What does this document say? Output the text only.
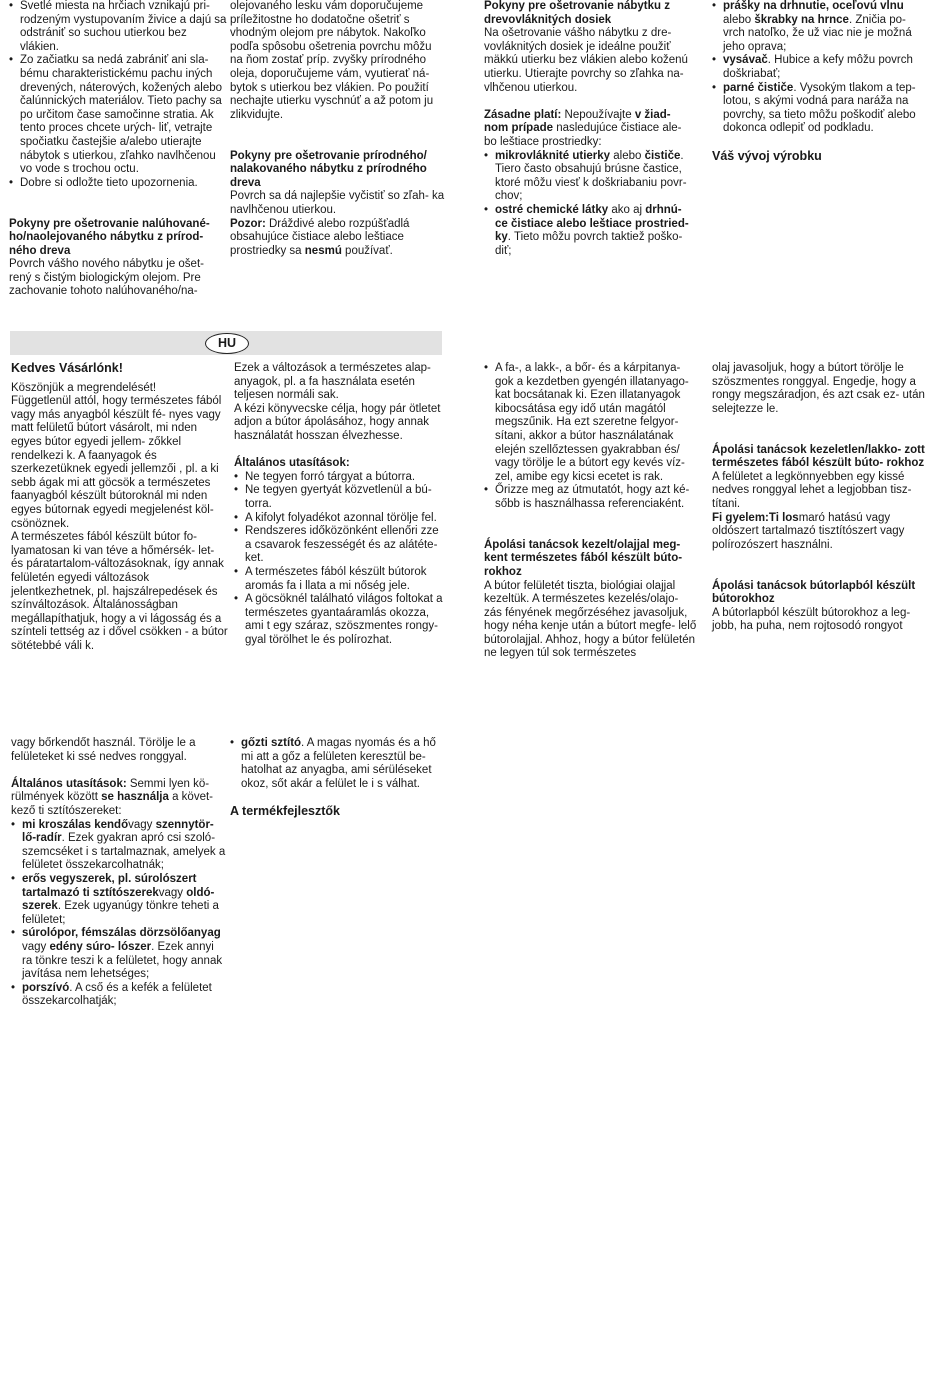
• Svetlé miesta na hrčiach vznikajú pri- rodzeným vystupovaním živice a dajú sa odstrániť so suchou utierkou bez vlákien.
• Zo začiatku sa nedá zabrániť ani sla- bému charakteristickému pachu iných drevených, náterových, kožených alebo čalúnnických materiálov. Tieto pachy sa po určitom čase samočinne stratia. Ak tento proces chcete urých- liť, vetrajte spočiatku častejšie a/alebo utierajte nábytok s utierkou, zľahko navlhčenou vo vode s trochou octu.
• Dobre si odložte tieto upozornenia.

Pokyny pre ošetrovanie nalúhované- ho/naolejovaného nábytku z prírod- ného dreva

Povrch vášho nového nábytku je ošet- rený s čistým biologickým olejom. Pre zachovanie tohoto nalúhovaného/na-

olejovaného lesku vám doporučujeme príležitostne ho dodatočne ošetriť s vhodným olejom pre nábytok. Nakoľko podľa spôsobu ošetrenia povrchu môžu na ňom zostať príp. zvyšky prírodného oleja, doporučujeme vám, vyutierať ná- bytok s utierkou bez vlákien. Po použití nechajte utierku vyschnúť a až potom ju zlikvidujte.

Pokyny pre ošetrovanie prírodného/ nalakovaného nábytku z prírodného dreva

Povrch sa dá najlepšie vyčistiť so zľah- ka navlhčenou utierkou.

Pozor: Dráždivé alebo rozpúšťadlá obsahujúce čistiace alebo leštiace prostriedky sa nesmú používať.

Pokyny pre ošetrovanie nábytku z drevovláknitých dosiek

Na ošetrovanie vášho nábytku z dre- vovláknitých dosiek je ideálne použiť mäkkú utierku bez vlákien alebo koženú utierku. Utierajte povrchy so zľahka na- vlhčenou utierkou.

Zásadne platí: Nepoužívajte v žiad- nom prípade nasledujúce čistiace ale- bo leštiace prostriedky:

• mikrovláknité utierky alebo čističe. Tiero často obsahujú brúsne častice, ktoré môžu viesť k doškriabaniu povr- chov;
• ostré chemické látky ako aj drhnú- ce čistiace alebo leštiace prostried- ky. Tieto môžu povrch taktiež poško- diť;
• prášky na drhnutie, oceľovú vlnu alebo škrabky na hrnce. Zničia po- vrch natoľko, že už viac nie je možná jeho oprava;
• vysávač. Hubice a kefy môžu povrch doškriabať;
• parné čističe. Vysokým tlakom a tep- lotou, s akými vodná para naráža na povrchy, sa tieto môžu poškodiť alebo dokonca odlepiť od podkladu.

Váš vývoj výrobku

HU

Kedves Vásárlónk!

Köszönjük a megrendelését!

Függetlenül attól, hogy természetes fából vagy más anyagból készült fé- nyes vagy matt felületű bútort vásárolt, mi nden egyes bútor egyedi jellem- zőkkel rendelkezi k. A faanyagok és szerkezetüknek egyedi jellemzői , pl. a ki sebb ágak mi att göcsök a természetes faanyagból készült bútoroknál mi nden egyes bútornak egyedi megjelenést köl- csönöznek.

A természetes fából készült bútor fo- lyamatosan ki van téve a hőmérsék- let- és páratartalom-változásoknak, így annak felületén egyedi változások jelentkezhetnek, pl. hajszálrepedések és színváltozások. Általánosságban megállapíthatjuk, hogy a vi lágosság és a színteli tettség az i dővel csökken - a bútor sötétebbé váli k.

Ezek a változások a természetes alap- anyagok, pl. a fa használata esetén teljesen normáli sak.

A kézi könyvecske célja, hogy pár ötletet adjon a bútor ápolásához, hogy annak használatát hosszan élvezhesse.

Általános utasítások:

• Ne tegyen forró tárgyat a bútorra.
• Ne tegyen gyertyát közvetlenül a bú- torra.
• A kifolyt folyadékot azonnal törölje fel.
• Rendszeres időközönként ellenőri zze a csavarok feszességét és az alátéte- ket.
• A természetes fából készült bútorok aromás fa i llata a mi nőség jele.
• A göcsöknél található világos foltokat a természetes gyantaáramlás okozza, ami t egy száraz, szöszmentes rongy- gyal törölhet le és polírozhat.
• A fa-, a lakk-, a bőr- és a kárpitanya- gok a kezdetben gyengén illatanyago- kat bocsátanak ki. Ezen illatanyagok kibocsátása egy idő után magától megszűnik. Ha ezt szeretne felgyor- sítani, akkor a bútor használatának elején szellőztessen gyakrabban és/ vagy törölje le a bútort egy kevés víz- zel, amibe egy kicsi ecetet is rak.
• Őrizze meg az útmutatót, hogy azt ké- sőbb is használhassa referenciaként.

Ápolási tanácsok kezelt/olajjal meg- kent természetes fából készült búto- rokhoz

A bútor felületét tiszta, biológiai olajjal kezeltük. A természetes kezelés/olajo- zás fényének megőrzéséhez javasoljuk, hogy néha kenje után a bútort megfe- lelő bútorolajjal. Ahhoz, hogy a bútor felületén ne legyen túl sok természetes

olaj javasoljuk, hogy a bútort törölje le szöszmentes ronggyal. Engedje, hogy a rongy megszáradjon, és azt csak ez- után selejtezze le.

Ápolási tanácsok kezeletlen/lakko- zott természetes fából készült búto- rokhoz

A felületet a legkönnyebben egy kissé nedves ronggyal lehet a legjobban tisz- títani.

Fi gyelem:Ti losmaró hatású vagy oldószert tartalmazó tisztítószert vagy polírozószert használni.

Ápolási tanácsok bútorlapból készült bútorokhoz

A bútorlapból készült bútorokhoz a leg- jobb, ha puha, nem rojtosodó rongyot

vagy bőrkendőt használ. Törölje le a felületeket ki ssé nedves ronggyal.

Általános utasítások: Semmi lyen kö- rülmények között se használja a követ- kező ti sztítószereket:

• mi kroszálas kendővagy szennytör- lő-radír. Ezek gyakran apró csi szoló- szemcséket i s tartalmaznak, amelyek a felületet összekarcolhatnák;
• erős vegyszerek, pl. súrolószert tartalmazó ti sztítószerekvagy oldó- szerek. Ezek ugyanúgy tönkre teheti a felületet;
• súrolópor, fémszálas dörzsölőanyag vagy edény súro- lószer. Ezek annyi ra tönkre teszi k a felületet, hogy annak javítása nem lehetséges;
• porszívó. A cső és a kefék a felületet összekarcolhatják;
• gőzti sztító. A magas nyomás és a hő mi att a gőz a felületen keresztül be- hatolhat az anyagba, ami sérüléseket okoz, sőt akár a felület le i s válhat.

A termékfejlesztők
